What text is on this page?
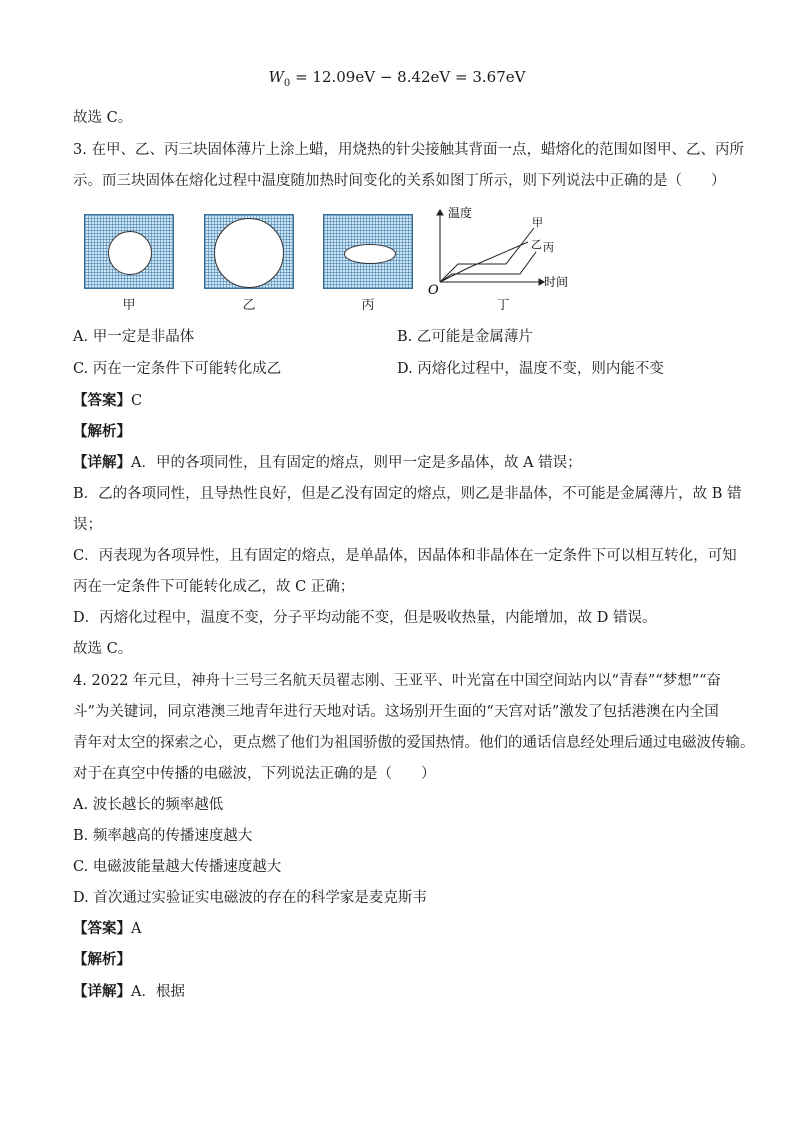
$W_0 = 12.09eV - 8.42eV = 3.67eV$
故选 C。
3. 在甲、乙、丙三块固体薄片上涂上蜡，用烧热的针尖接触其背面一点，蜡熔化的范围如图甲、乙、丙所
示。而三块固体在熔化过程中温度随加热时间变化的关系如图丁所示，则下列说法中正确的是（　　）
甲	乙	丙
温度
时间
O
甲
乙 丙
丁
A. 甲一定是非晶体	B. 乙可能是金属薄片
C. 丙在一定条件下可能转化成乙	D. 丙熔化过程中，温度不变，则内能不变
【答案】C
【解析】
【详解】A．甲的各项同性，且有固定的熔点，则甲一定是多晶体，故 A 错误；
B．乙的各项同性，且导热性良好，但是乙没有固定的熔点，则乙是非晶体，不可能是金属薄片，故 B 错
误；
C．丙表现为各项异性，且有固定的熔点，是单晶体，因晶体和非晶体在一定条件下可以相互转化，可知
丙在一定条件下可能转化成乙，故 C 正确；
D．丙熔化过程中，温度不变，分子平均动能不变，但是吸收热量，内能增加，故 D 错误。
故选 C。
4. 2022 年元旦，神舟十三号三名航天员翟志刚、王亚平、叶光富在中国空间站内以“青春”“梦想”“奋
斗”为关键词，同京港澳三地青年进行天地对话。这场别开生面的“天宫对话”激发了包括港澳在内全国
青年对太空的探索之心，更点燃了他们为祖国骄傲的爱国热情。他们的通话信息经处理后通过电磁波传输。
对于在真空中传播的电磁波，下列说法正确的是（　　）
A. 波长越长的频率越低
B. 频率越高的传播速度越大
C. 电磁波能量越大传播速度越大
D. 首次通过实验证实电磁波的存在的科学家是麦克斯韦
【答案】A
【解析】
【详解】A．根据
